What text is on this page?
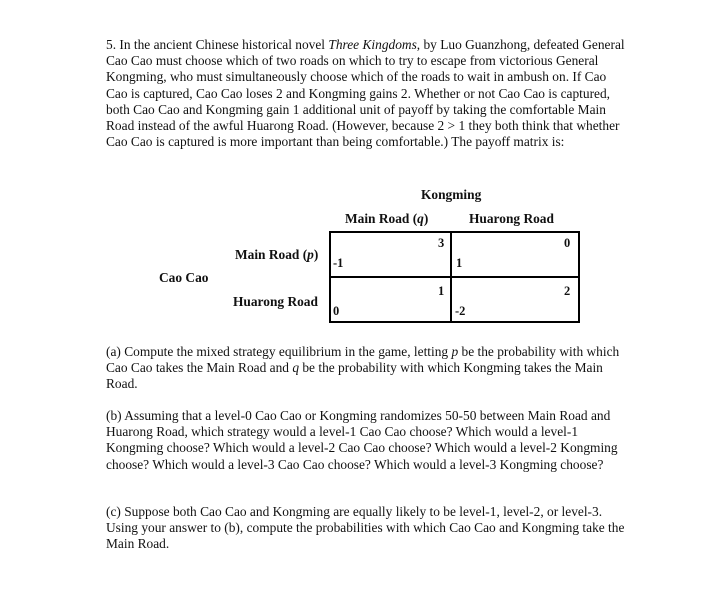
5. In the ancient Chinese historical novel Three Kingdoms, by Luo Guanzhong, defeated General Cao Cao must choose which of two roads on which to try to escape from victorious General Kongming, who must simultaneously choose which of the roads to wait in ambush on. If Cao Cao is captured, Cao Cao loses 2 and Kongming gains 2. Whether or not Cao Cao is captured, both Cao Cao and Kongming gain 1 additional unit of payoff by taking the comfortable Main Road instead of the awful Huarong Road. (However, because 2 > 1 they both think that whether Cao Cao is captured is more important than being comfortable.) The payoff matrix is:

Kongming
Main Road (q)	Huarong Road
Main Road (p)
Cao Cao
Huarong Road
-1
3
1
0
0
1
-2
2

(a) Compute the mixed strategy equilibrium in the game, letting p be the probability with which Cao Cao takes the Main Road and q be the probability with which Kongming takes the Main Road.

(b) Assuming that a level-0 Cao Cao or Kongming randomizes 50-50 between Main Road and Huarong Road, which strategy would a level-1 Cao Cao choose? Which would a level-1 Kongming choose? Which would a level-2 Cao Cao choose? Which would a level-2 Kongming choose? Which would a level-3 Cao Cao choose? Which would a level-3 Kongming choose?

(c) Suppose both Cao Cao and Kongming are equally likely to be level-1, level-2, or level-3. Using your answer to (b), compute the probabilities with which Cao Cao and Kongming take the Main Road.
